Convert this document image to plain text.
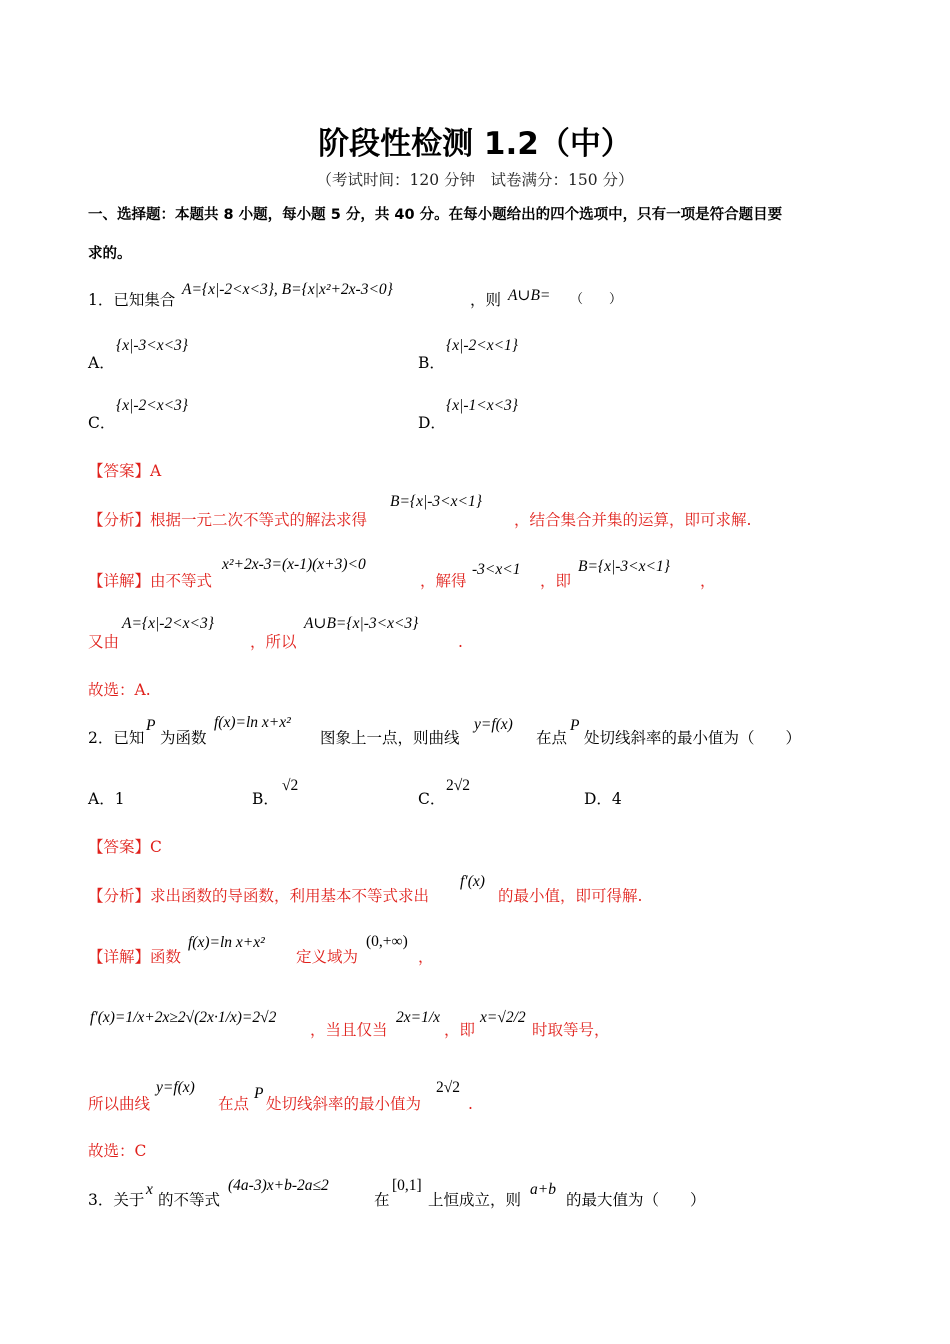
阶段性检测 1.2（中）
（考试时间：120 分钟　试卷满分：150 分）
一、选择题：本题共 8 小题，每小题 5 分，共 40 分。在每小题给出的四个选项中，只有一项是符合题目要
求的。
1．已知集合
A={x|-2<x<3}, B={x|x²+2x-3<0}
，则 A∪B= （　　）
A．
{x|-3<x<3}
B．
{x|-2<x<1}
C．
{x|-2<x<3}
D．
{x|-1<x<3}
【答案】A
【分析】根据一元二次不等式的解法求得
B={x|-3<x<1}
，结合集合并集的运算，即可求解.
【详解】由不等式
x²+2x-3=(x-1)(x+3)<0
，解得
-3<x<1
，即
B={x|-3<x<1}
，
又由
A={x|-2<x<3}
，所以
A∪B={x|-3<x<3}
.
故选：A.
2．已知
P
为函数
f(x)=ln x+x²
图象上一点，则曲线
y=f(x)
在点
P
处切线斜率的最小值为（　　）
A．1	B．
√2
C．
2√2
D．4
【答案】C
【分析】求出函数的导函数，利用基本不等式求出
f′(x)
的最小值，即可得解.
【详解】函数
f(x)=ln x+x²
定义域为
(0,+∞)
，
f′(x)=1/x+2x≥2√(2x·1/x)=2√2
，当且仅当
2x=1/x
，即
x=√2/2
时取等号，
所以曲线
y=f(x)
在点
P
处切线斜率的最小值为
2√2
.
故选：C
3．关于
x
的不等式
(4a-3)x+b-2a≤2
在
[0,1]
上恒成立，则
a+b
的最大值为（　　）
